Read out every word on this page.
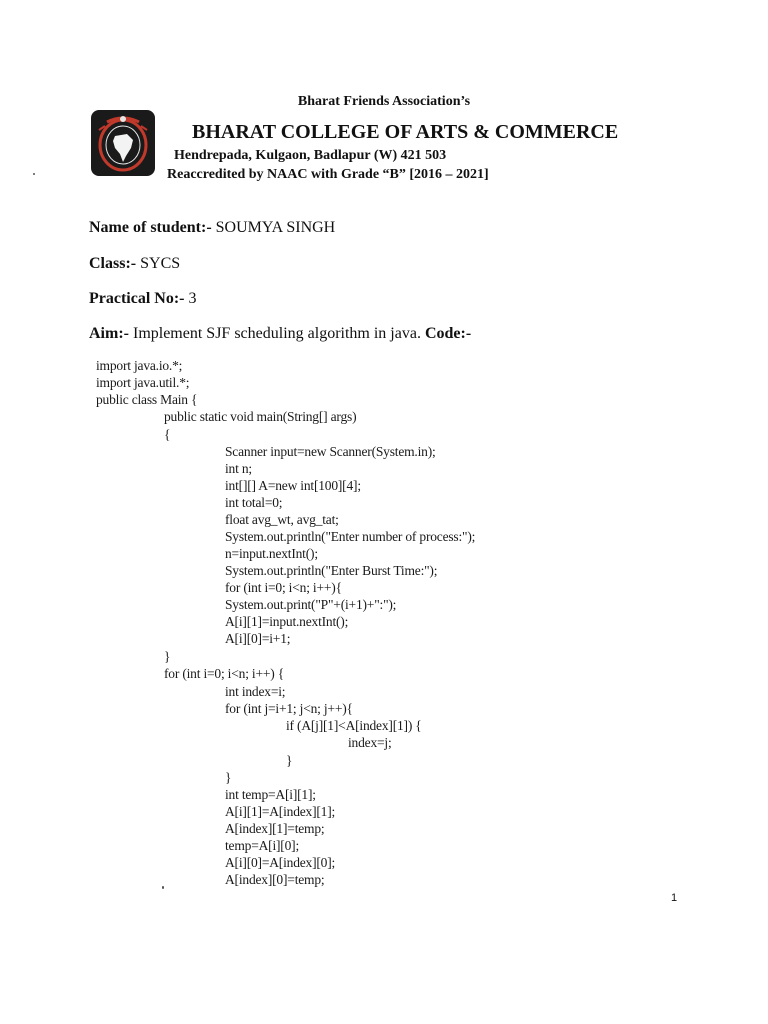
Bharat Friends Association’s
BHARAT COLLEGE OF ARTS & COMMERCE
Hendrepada, Kulgaon, Badlapur (W) 421 503
Reaccredited by NAAC with Grade “B” [2016 – 2021]
Name of student:- SOUMYA SINGH
Class:- SYCS
Practical No:- 3
Aim:- Implement SJF scheduling algorithm in java. Code:-
import java.io.*;
import java.util.*;
public class Main {
public static void main(String[] args)
{
Scanner input=new Scanner(System.in);
int n;
int[][] A=new int[100][4];
int total=0;
float avg_wt, avg_tat;
System.out.println("Enter number of process:");
n=input.nextInt();
System.out.println("Enter Burst Time:");
for (int i=0; i<n; i++){
System.out.print("P"+(i+1)+":");
A[i][1]=input.nextInt();
A[i][0]=i+1;
}
for (int i=0; i<n; i++) {
int index=i;
for (int j=i+1; j<n; j++){
if (A[j][1]<A[index][1]) {
index=j;
}
}
int temp=A[i][1];
A[i][1]=A[index][1];
A[index][1]=temp;
temp=A[i][0];
A[i][0]=A[index][0];
A[index][0]=temp;
1
